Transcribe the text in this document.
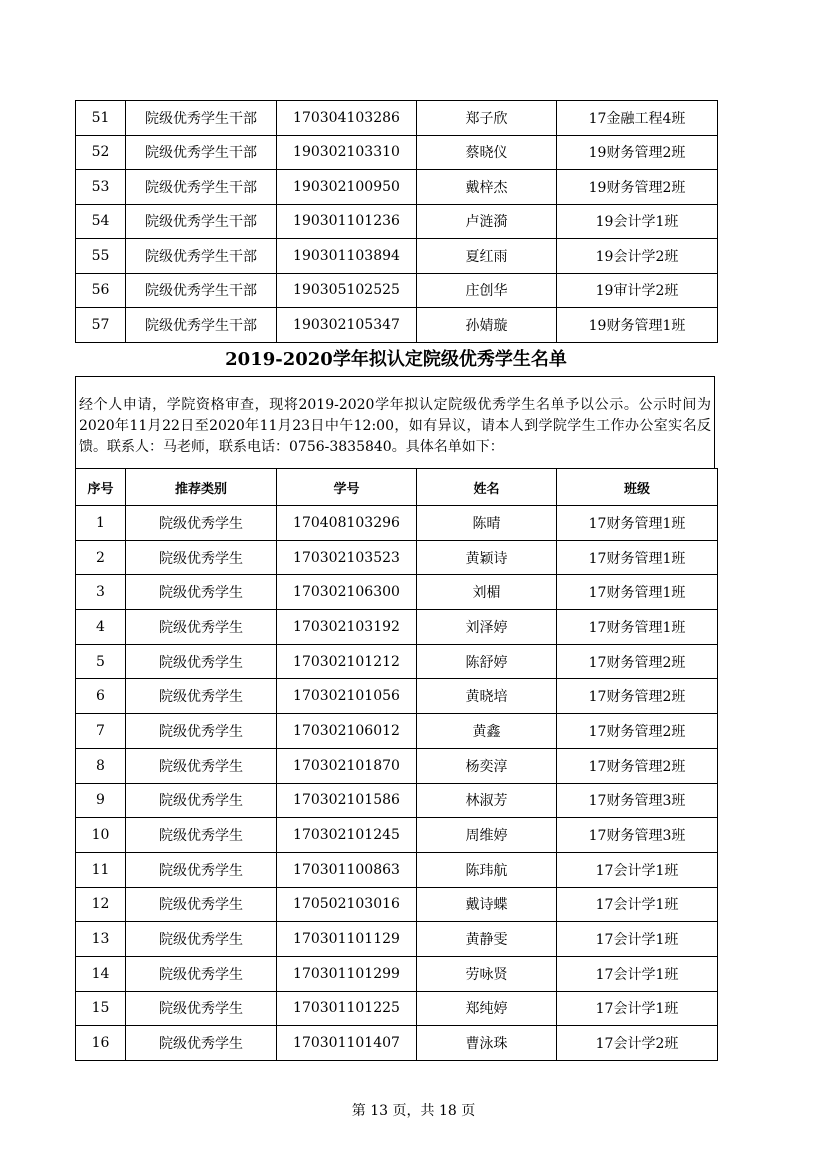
51	院级优秀学生干部	170304103286	郑子欣	17金融工程4班
52	院级优秀学生干部	190302103310	蔡晓仪	19财务管理2班
53	院级优秀学生干部	190302100950	戴梓杰	19财务管理2班
54	院级优秀学生干部	190301101236	卢涟漪	19会计学1班
55	院级优秀学生干部	190301103894	夏红雨	19会计学2班
56	院级优秀学生干部	190305102525	庄创华	19审计学2班
57	院级优秀学生干部	190302105347	孙婧璇	19财务管理1班
2019-2020学年拟认定院级优秀学生名单
经个人申请，学院资格审查，现将2019-2020学年拟认定院级优秀学生名单予以公示。公示时间为2020年11月22日至2020年11月23日中午12:00，如有异议，请本人到学院学生工作办公室实名反馈。联系人：马老师，联系电话：0756-3835840。具体名单如下：
序号	推荐类别	学号	姓名	班级
1	院级优秀学生	170408103296	陈晴	17财务管理1班
2	院级优秀学生	170302103523	黄颖诗	17财务管理1班
3	院级优秀学生	170302106300	刘楣	17财务管理1班
4	院级优秀学生	170302103192	刘泽婷	17财务管理1班
5	院级优秀学生	170302101212	陈舒婷	17财务管理2班
6	院级优秀学生	170302101056	黄晓培	17财务管理2班
7	院级优秀学生	170302106012	黄鑫	17财务管理2班
8	院级优秀学生	170302101870	杨奕淳	17财务管理2班
9	院级优秀学生	170302101586	林淑芳	17财务管理3班
10	院级优秀学生	170302101245	周维婷	17财务管理3班
11	院级优秀学生	170301100863	陈玮航	17会计学1班
12	院级优秀学生	170502103016	戴诗蝶	17会计学1班
13	院级优秀学生	170301101129	黄静雯	17会计学1班
14	院级优秀学生	170301101299	劳咏贤	17会计学1班
15	院级优秀学生	170301101225	郑纯婷	17会计学1班
16	院级优秀学生	170301101407	曹泳珠	17会计学2班
第 13 页，共 18 页
